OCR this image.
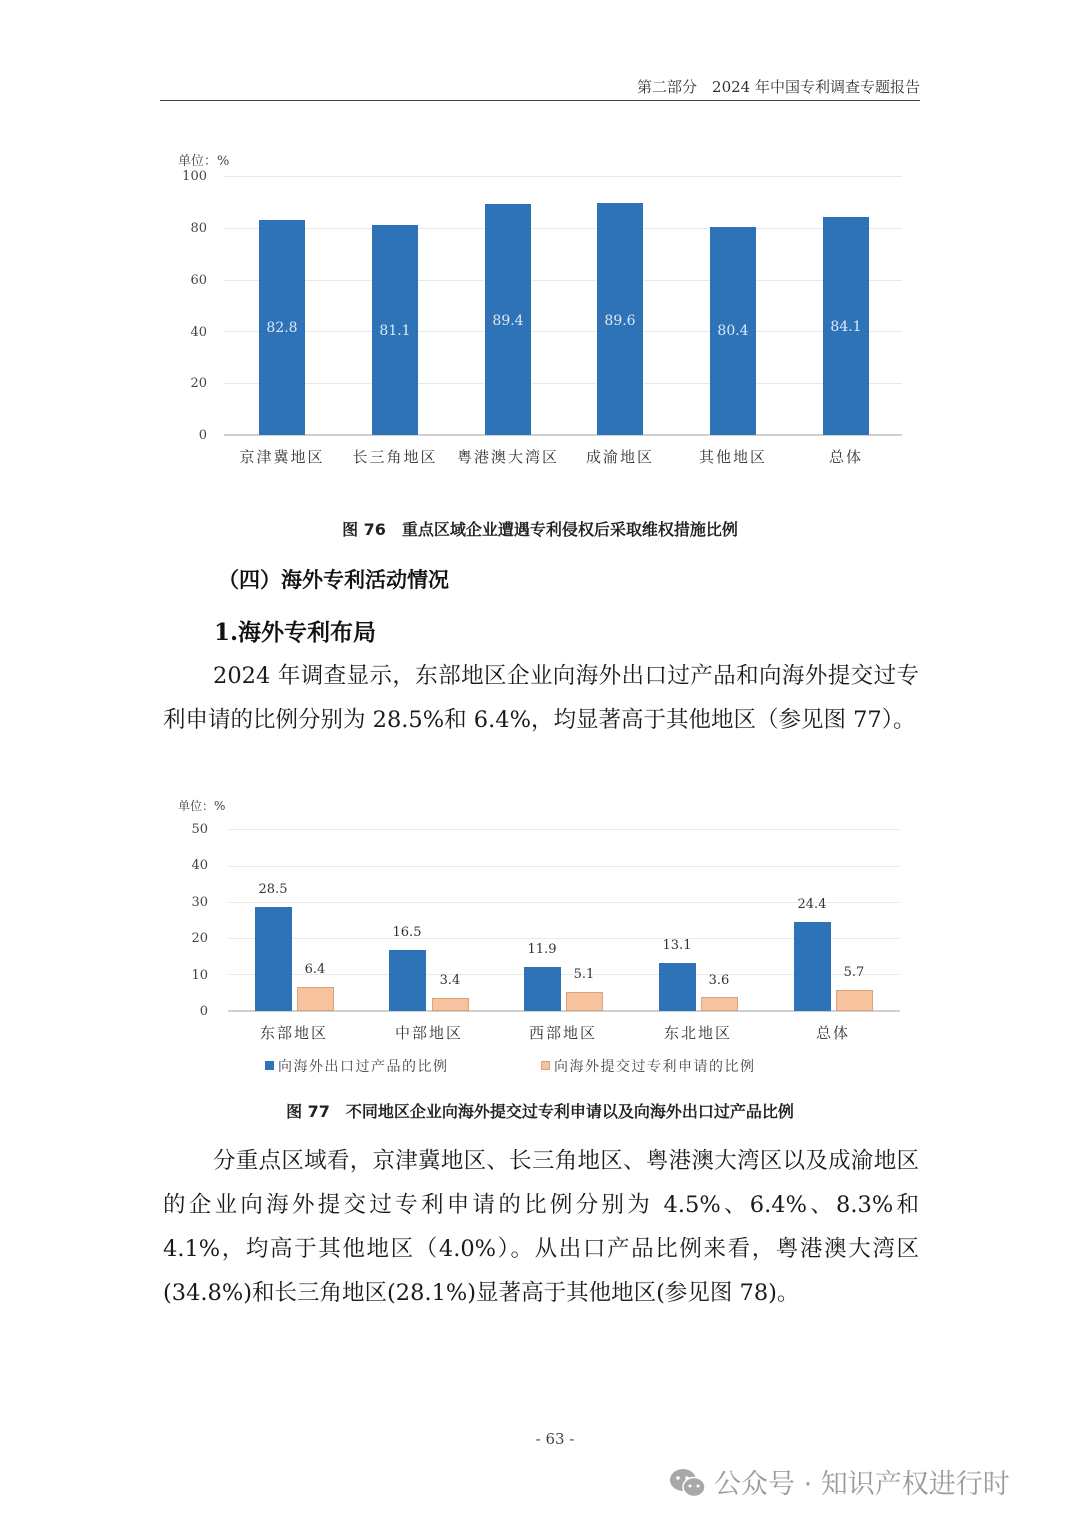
第二部分　2024 年中国专利调查专题报告
单位：%
100
80
60
40
20
0
82.8	81.1
89.4	89.6
80.4	84.1
京津冀地区	长三角地区	粤港澳大湾区	成渝地区	其他地区	总体
图 76　重点区域企业遭遇专利侵权后采取维权措施比例
（四）海外专利活动情况
1.海外专利布局
2024 年调查显示，东部地区企业向海外出口过产品和向海外提交过专利申请的比例分别为 28.5%和 6.4%，均显著高于其他地区（参见图 77）。
单位：%
50
40
30
20
10
0
28.5
16.5
11.9	13.1
24.4
6.4
3.4	5.1	3.6
5.7
东部地区	中部地区	西部地区	东北地区	总体
向海外出口过产品的比例	向海外提交过专利申请的比例
图 77　不同地区企业向海外提交过专利申请以及向海外出口过产品比例
分重点区域看，京津冀地区、长三角地区、粤港澳大湾区以及成渝地区的企业向海外提交过专利申请的比例分别为 4.5%、6.4%、8.3%和 4.1%，均高于其他地区（4.0%）。从出口产品比例来看，粤港澳大湾区(34.8%)和长三角地区(28.1%)显著高于其他地区(参见图 78)。
- 63 -
公众号 · 知识产权进行时
